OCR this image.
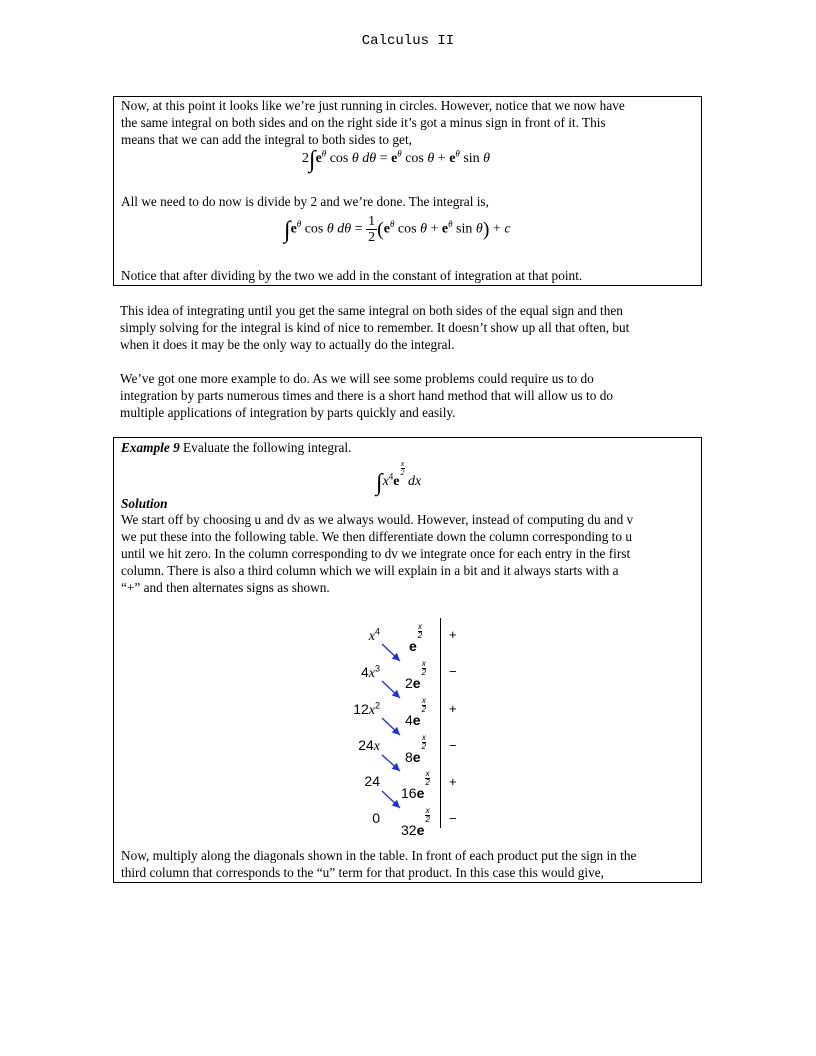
Calculus II
Now, at this point it looks like we’re just running in circles. However, notice that we now have
the same integral on both sides and on the right side it’s got a minus sign in front of it. This
means that we can add the integral to both sides to get,
$2\int e^\theta$ cos θ $d\theta = e^\theta$ $\cos \theta + e^\theta$ sin θ
All we need to do now is divide by 2 and we’re done. The integral is,
$\int e^\theta$ cos θ $d\theta = \frac{1}{2} (e^\theta$ $\cos \theta + e^\theta$ sin θ) + c
Notice that after dividing by the two we add in the constant of integration at that point.
This idea of integrating until you get the same integral on both sides of the equal sign and then
simply solving for the integral is kind of nice to remember. It doesn’t show up all that often, but
when it does it may be the only way to actually do the integral.
We’ve got one more example to do. As we will see some problems could require us to do
integration by parts numerous times and there is a short hand method that will allow us to do
multiple applications of integration by parts quickly and easily.
Example 9 Evaluate the following integral.
$\int x^4e$
$\frac{x}{2}$
dx
Solution
We start off by choosing u and dv as we always would. However, instead of computing du and v
we put these into the following table. We then differentiate down the column corresponding to u
until we hit zero. In the column corresponding to dv we integrate once for each entry in the first
column. There is also a third column which we will explain in a bit and it always starts with a
“+” and then alternates signs as shown.
Now, multiply along the diagonals shown in the table. In front of each product put the sign in the
third column that corresponds to the “u” term for that product. In this case this would give,
$x^4$
$4x^3$
$12x^2$
24x
24
0
e
$\frac{x}{2}$
2e
$\frac{x}{2}$
4e
$\frac{x}{2}$
8e
$\frac{x}{2}$
16e
$\frac{x}{2}$
32e
$\frac{x}{2}$
+
−
+
−
+
−
